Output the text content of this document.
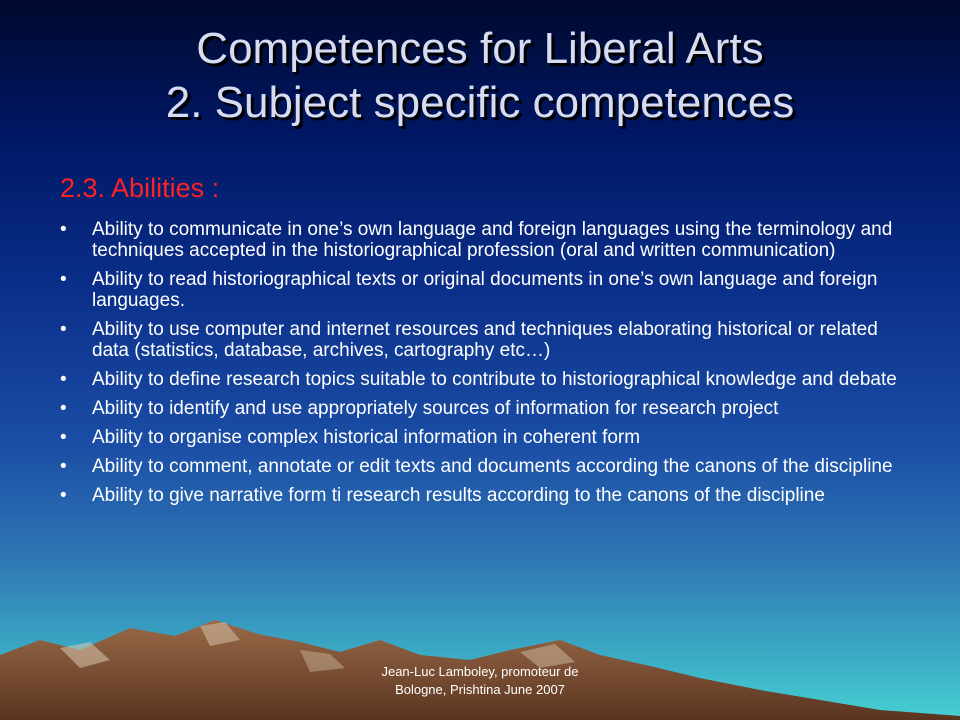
Competences for Liberal Arts
2. Subject specific competences
2.3. Abilities :
• Ability to communicate in one’s own language and foreign languages using the terminology and techniques accepted in the historiographical profession (oral and written communication)
• Ability to read historiographical texts or original documents in one’s own language and foreign languages.
• Ability to use computer and internet resources and techniques elaborating historical or related data (statistics, database, archives, cartography etc…)
• Ability to define research topics suitable to contribute to historiographical knowledge and debate
• Ability to identify and use appropriately sources of information for research project
• Ability to organise complex historical information in coherent form
• Ability to comment, annotate or edit texts and documents according the canons of the discipline
• Ability to give narrative form ti research results according to the canons of the discipline
Jean-Luc Lamboley, promoteur de
Bologne, Prishtina June 2007
